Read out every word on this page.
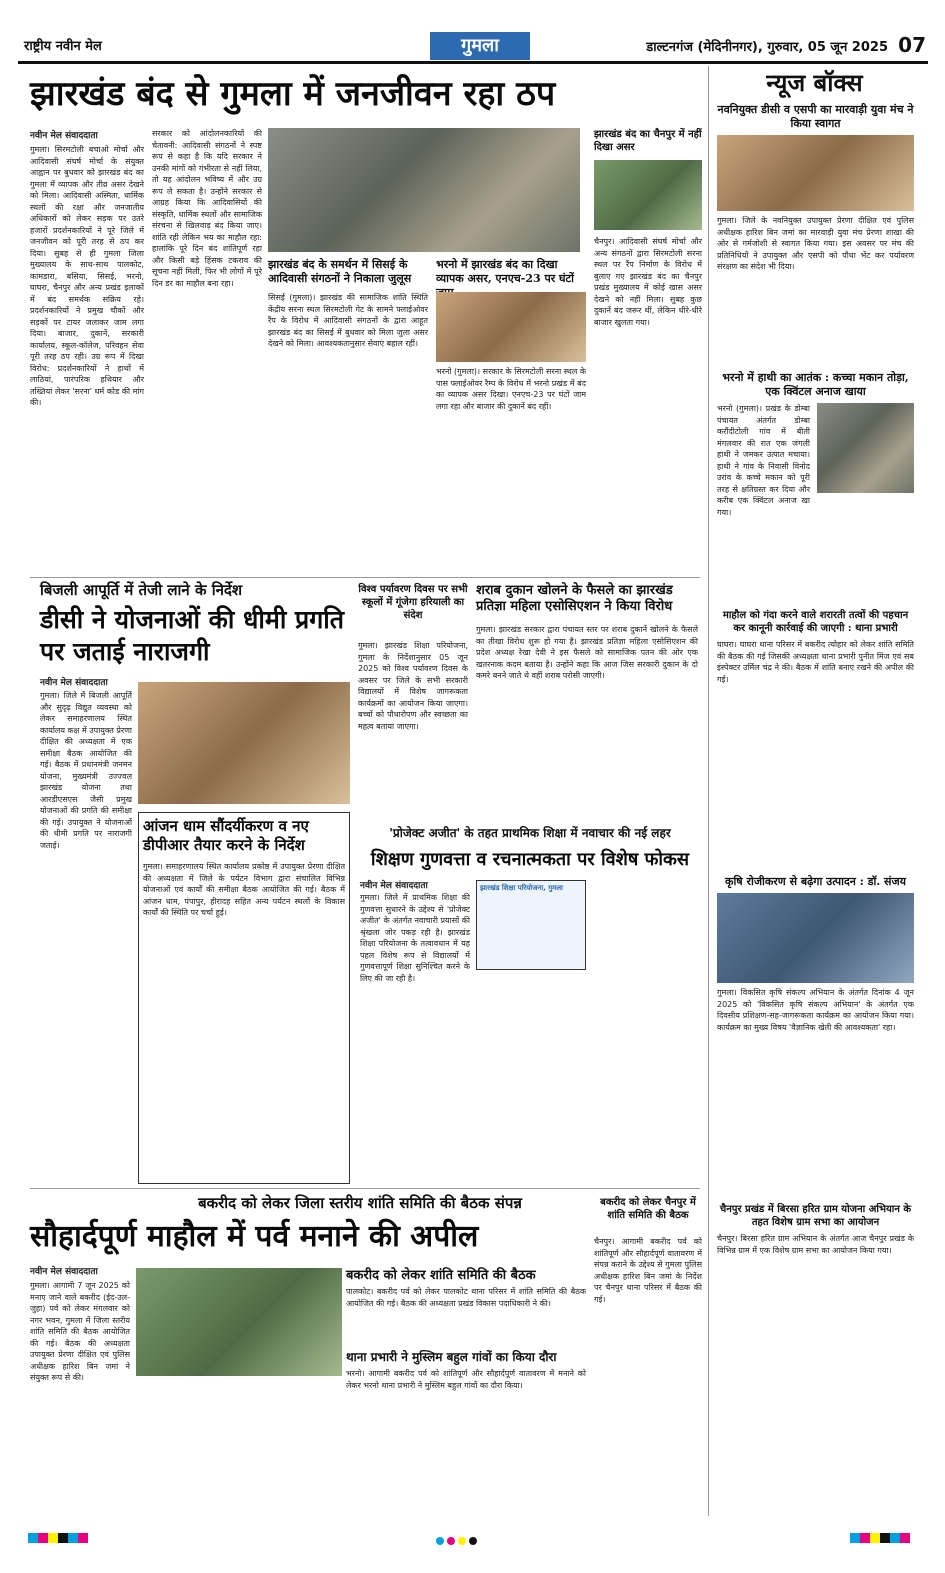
राष्ट्रीय नवीन मेल	गुमला	डाल्टनगंज (मेदिनीनगर), गुरुवार, 05 जून 2025 07
झारखंड बंद से गुमला में जनजीवन रहा ठप
नवीन मेल संवाददाता
गुमला। सिरमटोली बचाओ मोर्चा और आदिवासी संघर्ष मोर्चा के संयुक्त आह्वान पर बुधवार को झारखंड बंद का गुमला में व्यापक और तीव्र असर देखने को मिला। आदिवासी अस्मिता, धार्मिक स्थलों की रक्षा और जनजातीय अधिकारों को लेकर सड़क पर उतरे हजारों प्रदर्शनकारियों ने पूरे जिले में जनजीवन को पूरी तरह से ठप कर दिया। सुबह से ही गुमला जिला मुख्यालय के साथ-साथ पालकोट, कामडारा, बसिया, सिसई, भरनो, घाघरा, चैनपुर और अन्य प्रखंड इलाकों में बंद समर्थक सक्रिय रहे। प्रदर्शनकारियों ने प्रमुख चौकों और सड़कों पर टायर जलाकर जाम लगा दिया। बाजार, दुकानें, सरकारी कार्यालय, स्कूल-कॉलेज, परिवहन सेवा पूरी तरह ठप रही। उग्र रूप में दिखा विरोध: प्रदर्शनकारियों ने हाथों में लाठियां, पारंपरिक हथियार और तख्तियां लेकर 'सरना' धर्म कोड की मांग की।
सरकार को आंदोलनकारियों की चेतावनी: आदिवासी संगठनों ने स्पष्ट रूप से कहा है कि यदि सरकार ने उनकी मांगों को गंभीरता से नहीं लिया, तो यह आंदोलन भविष्य में और उग्र रूप ले सकता है। उन्होंने सरकार से आग्रह किया कि आदिवासियों की संस्कृति, धार्मिक स्थलों और सामाजिक संरचना से खिलवाड़ बंद किया जाए। शांति रही लेकिन भय का माहौल रहा: हालांकि पूरे दिन बंद शांतिपूर्ण रहा और किसी बड़े हिंसक टकराव की सूचना नहीं मिली, फिर भी लोगों में पूरे दिन डर का माहौल बना रहा।
झारखंड बंद के समर्थन में सिसई के आदिवासी संगठनों ने निकाला जुलूस
सिसई (गुमला)। झारखंड की सामाजिक शांति स्थिति केंद्रीय सरना स्थल सिरमटोली गेट के सामने फ्लाईओवर रैंप के विरोध में आदिवासी संगठनों के द्वारा आहूत झारखंड बंद का सिसई में बुधवार को मिला जुला असर देखने को मिला। आवश्यकतानुसार सेवाएं बहाल रहीं।
भरनो में झारखंड बंद का दिखा व्यापक असर, एनएच-23 पर घंटों
भरनो (गुमला)। सरकार के सिरमटोली सरना स्थल के पास फ्लाईओवर रैम्प के विरोध में भरनो प्रखंड में बंद का व्यापक असर दिखा। एनएच-23 पर घंटों जाम लगा रहा और बाजार की दुकानें बंद रहीं।
झारखंड बंद का चैनपुर में नहीं दिखा असर
चैनपुर। आदिवासी संघर्ष मोर्चा और अन्य संगठनों द्वारा सिरमटोली सरना स्थल पर रैंप निर्माण के विरोध में बुलाए गए झारखंड बंद का चैनपुर प्रखंड मुख्यालय में कोई खास असर देखने को नहीं मिला। सुबह कुछ दुकानें बंद जरूर थीं, लेकिन धीरे-धीरे बाजार खुलता गया।
न्यूज बॉक्स
नवनियुक्त डीसी व एसपी का मारवाड़ी युवा मंच ने किया स्वागत
गुमला। जिले के नवनियुक्त उपायुक्त प्रेरणा दीक्षित एवं पुलिस अधीक्षक हारिश बिन जमां का मारवाड़ी युवा मंच प्रेरणा शाखा की ओर से गर्मजोशी से स्वागत किया गया। इस अवसर पर मंच की प्रतिनिधियों ने उपायुक्त और एसपी को पौधा भेंट कर पर्यावरण संरक्षण का संदेश भी दिया।
भरनो में हाथी का आतंक : कच्चा मकान तोड़ा, एक क्विंटल अनाज खाया
भरनो (गुमला)। प्रखंड के डोम्बा पंचायत अंतर्गत डोम्बा करौंदीटोली गांव में बीती मंगलवार की रात एक जंगली हाथी ने जमकर उत्पात मचाया। हाथी ने गांव के निवासी विनोद उरांव के कच्चे मकान को पूरी तरह से क्षतिग्रस्त कर दिया और करीब एक क्विंटल अनाज खा गया।
माहौल को गंदा करने वाले शरारती तत्वों की पहचान कर कानूनी कार्रवाई की जाएगी : थाना प्रभारी
घाघरा। घाघरा थाना परिसर में बकरीद त्योहार को लेकर शांति समिति की बैठक की गई जिसकी अध्यक्षता थाना प्रभारी पुनीत मिंज एवं सब इंस्पेक्टर उर्मिल चंद्र ने की। बैठक में शांति बनाए रखने की अपील की गई।
कृषि रोजीकरण से बढ़ेगा उत्पादन : डॉ. संजय
गुमला। विकसित कृषि संकल्प अभियान के अंतर्गत दिनांक 4 जून 2025 को 'विकसित कृषि संकल्प अभियान' के अंतर्गत एक दिवसीय प्रशिक्षण-सह-जागरूकता कार्यक्रम का आयोजन किया गया। कार्यक्रम का मुख्य विषय 'वैज्ञानिक खेती की आवश्यकता' रहा।
चैनपुर प्रखंड में बिरसा हरित ग्राम योजना अभियान के तहत विशेष ग्राम सभा का आयोजन
चैनपुर। बिरसा हरित ग्राम अभियान के अंतर्गत आज चैनपुर प्रखंड के विभिन्न ग्राम में एक विशेष ग्राम सभा का आयोजन किया गया।
बिजली आपूर्ति में तेजी लाने के निर्देश
डीसी ने योजनाओं की धीमी प्रगति पर जताई नाराजगी
नवीन मेल संवाददाता
गुमला। जिले में बिजली आपूर्ति और सुदृढ़ विद्युत व्यवस्था को लेकर समाहरणालय स्थित कार्यालय कक्ष में उपायुक्त प्रेरणा दीक्षित की अध्यक्षता में एक समीक्षा बैठक आयोजित की गई। बैठक में प्रधानमंत्री जनमन योजना, मुख्यमंत्री उज्ज्वल झारखंड योजना तथा आरडीएसएस जैसी प्रमुख योजनाओं की प्रगति की समीक्षा की गई। उपायुक्त ने योजनाओं की धीमी प्रगति पर नाराजगी जताई।
आंजन धाम सौंदर्यीकरण व नए डीपीआर तैयार करने के निर्देश
गुमला। समाहरणालय स्थित कार्यालय प्रकोष्ठ में उपायुक्त प्रेरणा दीक्षित की अध्यक्षता में जिले के पर्यटन विभाग द्वारा संचालित विभिन्न योजनाओं एवं कार्यों की समीक्षा बैठक आयोजित की गई। बैठक में आंजन धाम, पंपापुर, हीरादह सहित अन्य पर्यटन स्थलों के विकास कार्यों की स्थिति पर चर्चा हुई।
विश्व पर्यावरण दिवस पर सभी स्कूलों में गूंजेगा हरियाली का संदेश
गुमला। झारखंड शिक्षा परियोजना, गुमला के निर्देशानुसार 05 जून 2025 को विश्व पर्यावरण दिवस के अवसर पर जिले के सभी सरकारी विद्यालयों में विशेष जागरूकता कार्यक्रमों का आयोजन किया जाएगा। बच्चों को पौधारोपण और स्वच्छता का महत्व बताया जाएगा।
शराब दुकान खोलने के फैसले का झारखंड प्रतिज्ञा महिला एसोसिएशन ने किया विरोध
गुमला। झारखंड सरकार द्वारा पंचायत स्तर पर शराब दुकानें खोलने के फैसले का तीखा विरोध शुरू हो गया है। झारखंड प्रतिज्ञा महिला एसोसिएशन की प्रदेश अध्यक्ष रेखा देवी ने इस फैसले को सामाजिक पतन की ओर एक खतरनाक कदम बताया है। उन्होंने कहा कि आज जिस सरकारी दुकान के दो कमरे बनने जाते थे वहीं शराब परोसी जाएगी।
'प्रोजेक्ट अजीत' के तहत प्राथमिक शिक्षा में नवाचार की नई लहर
शिक्षण गुणवत्ता व रचनात्मकता पर विशेष फोकस
नवीन मेल संवाददाता
गुमला। जिले में प्राथमिक शिक्षा की गुणवत्ता सुधारने के उद्देश्य से 'प्रोजेक्ट अजीत' के अंतर्गत नवाचारी प्रयासों की श्रृंखला जोर पकड़ रही है। झारखंड शिक्षा परियोजना के तत्वावधान में यह पहल विशेष रूप से विद्यालयों में गुणवत्तापूर्ण शिक्षा सुनिश्चित करने के लिए की जा रही है।
झारखंड शिक्षा परियोजना, गुमला
बकरीद को लेकर जिला स्तरीय शांति समिति की बैठक संपन्न
सौहार्दपूर्ण माहौल में पर्व मनाने की अपील
नवीन मेल संवाददाता
गुमला। आगामी 7 जून 2025 को मनाए जाने वाले बकरीद (ईद-उल-जुहा) पर्व को लेकर मंगलवार को नगर भवन, गुमला में जिला स्तरीय शांति समिति की बैठक आयोजित की गई। बैठक की अध्यक्षता उपायुक्त प्रेरणा दीक्षित एवं पुलिस अधीक्षक हारिश बिन जमां ने संयुक्त रूप से की।
बकरीद को लेकर शांति समिति की बैठक
पालकोट। बकरीद पर्व को लेकर पालकोट थाना परिसर में शांति समिति की बैठक आयोजित की गई। बैठक की अध्यक्षता प्रखंड विकास पदाधिकारी ने की।
थाना प्रभारी ने मुस्लिम बहुल गांवों का किया दौरा
भरनो। आगामी बकरीद पर्व को शांतिपूर्ण और सौहार्दपूर्ण वातावरण में मनाने को लेकर भरनो थाना प्रभारी ने मुस्लिम बहुल गांवों का दौरा किया।
बकरीद को लेकर चैनपुर में शांति समिति की बैठक
चैनपुर। आगामी बकरीद पर्व को शांतिपूर्ण और सौहार्दपूर्ण वातावरण में संपन्न कराने के उद्देश्य से गुमला पुलिस अधीक्षक हारिश बिन जमां के निर्देश पर चैनपुर थाना परिसर में बैठक की गई।
